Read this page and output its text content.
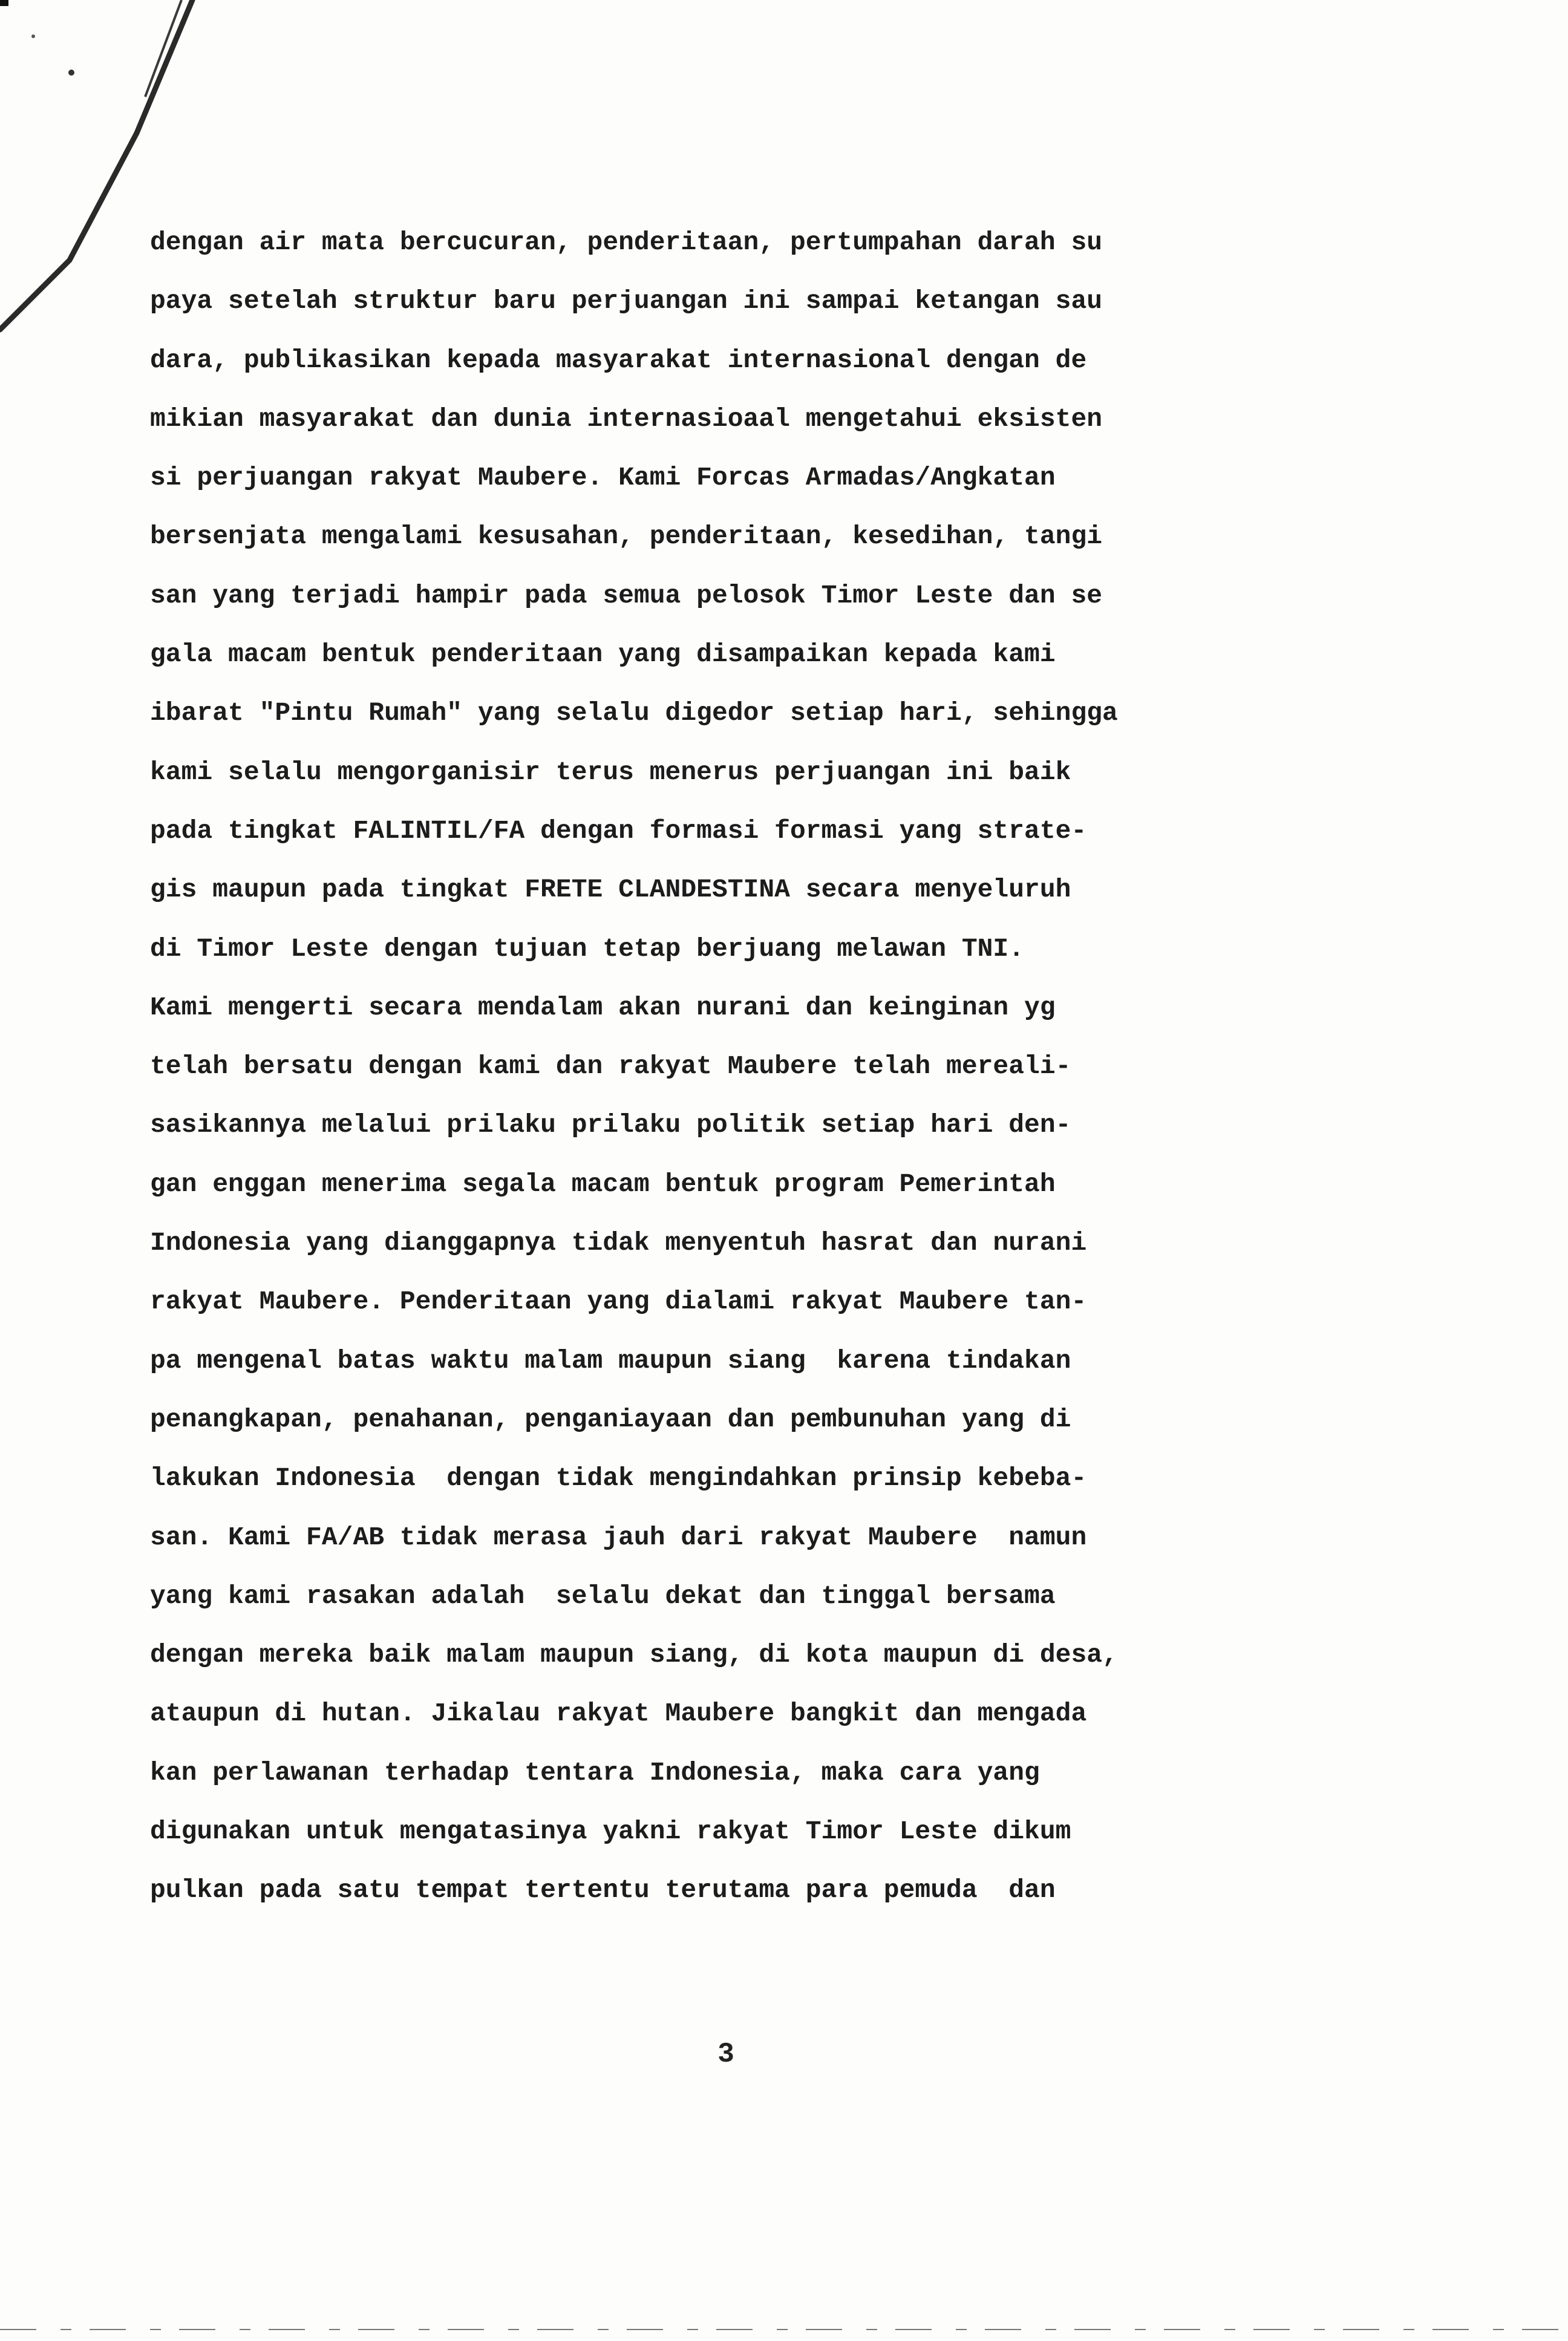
dengan air mata bercucuran, penderitaan, pertumpahan darah su
paya setelah struktur baru perjuangan ini sampai ketangan sau
dara, publikasikan kepada masyarakat internasional dengan de
mikian masyarakat dan dunia internasioaal mengetahui eksisten
si perjuangan rakyat Maubere. Kami Forcas Armadas/Angkatan
bersenjata mengalami kesusahan, penderitaan, kesedihan, tangi
san yang terjadi hampir pada semua pelosok Timor Leste dan se
gala macam bentuk penderitaan yang disampaikan kepada kami
ibarat "Pintu Rumah" yang selalu digedor setiap hari, sehingga
kami selalu mengorganisir terus menerus perjuangan ini baik
pada tingkat FALINTIL/FA dengan formasi formasi yang strate-
gis maupun pada tingkat FRETE CLANDESTINA secara menyeluruh
di Timor Leste dengan tujuan tetap berjuang melawan TNI.
Kami mengerti secara mendalam akan nurani dan keinginan yg
telah bersatu dengan kami dan rakyat Maubere telah mereali-
sasikannya melalui prilaku prilaku politik setiap hari den-
gan enggan menerima segala macam bentuk program Pemerintah
Indonesia yang dianggapnya tidak menyentuh hasrat dan nurani
rakyat Maubere. Penderitaan yang dialami rakyat Maubere tan-
pa mengenal batas waktu malam maupun siang  karena tindakan
penangkapan, penahanan, penganiayaan dan pembunuhan yang di
lakukan Indonesia  dengan tidak mengindahkan prinsip kebeba-
san. Kami FA/AB tidak merasa jauh dari rakyat Maubere  namun
yang kami rasakan adalah  selalu dekat dan tinggal bersama
dengan mereka baik malam maupun siang, di kota maupun di desa,
ataupun di hutan. Jikalau rakyat Maubere bangkit dan mengada
kan perlawanan terhadap tentara Indonesia, maka cara yang
digunakan untuk mengatasinya yakni rakyat Timor Leste dikum
pulkan pada satu tempat tertentu terutama para pemuda  dan
3
